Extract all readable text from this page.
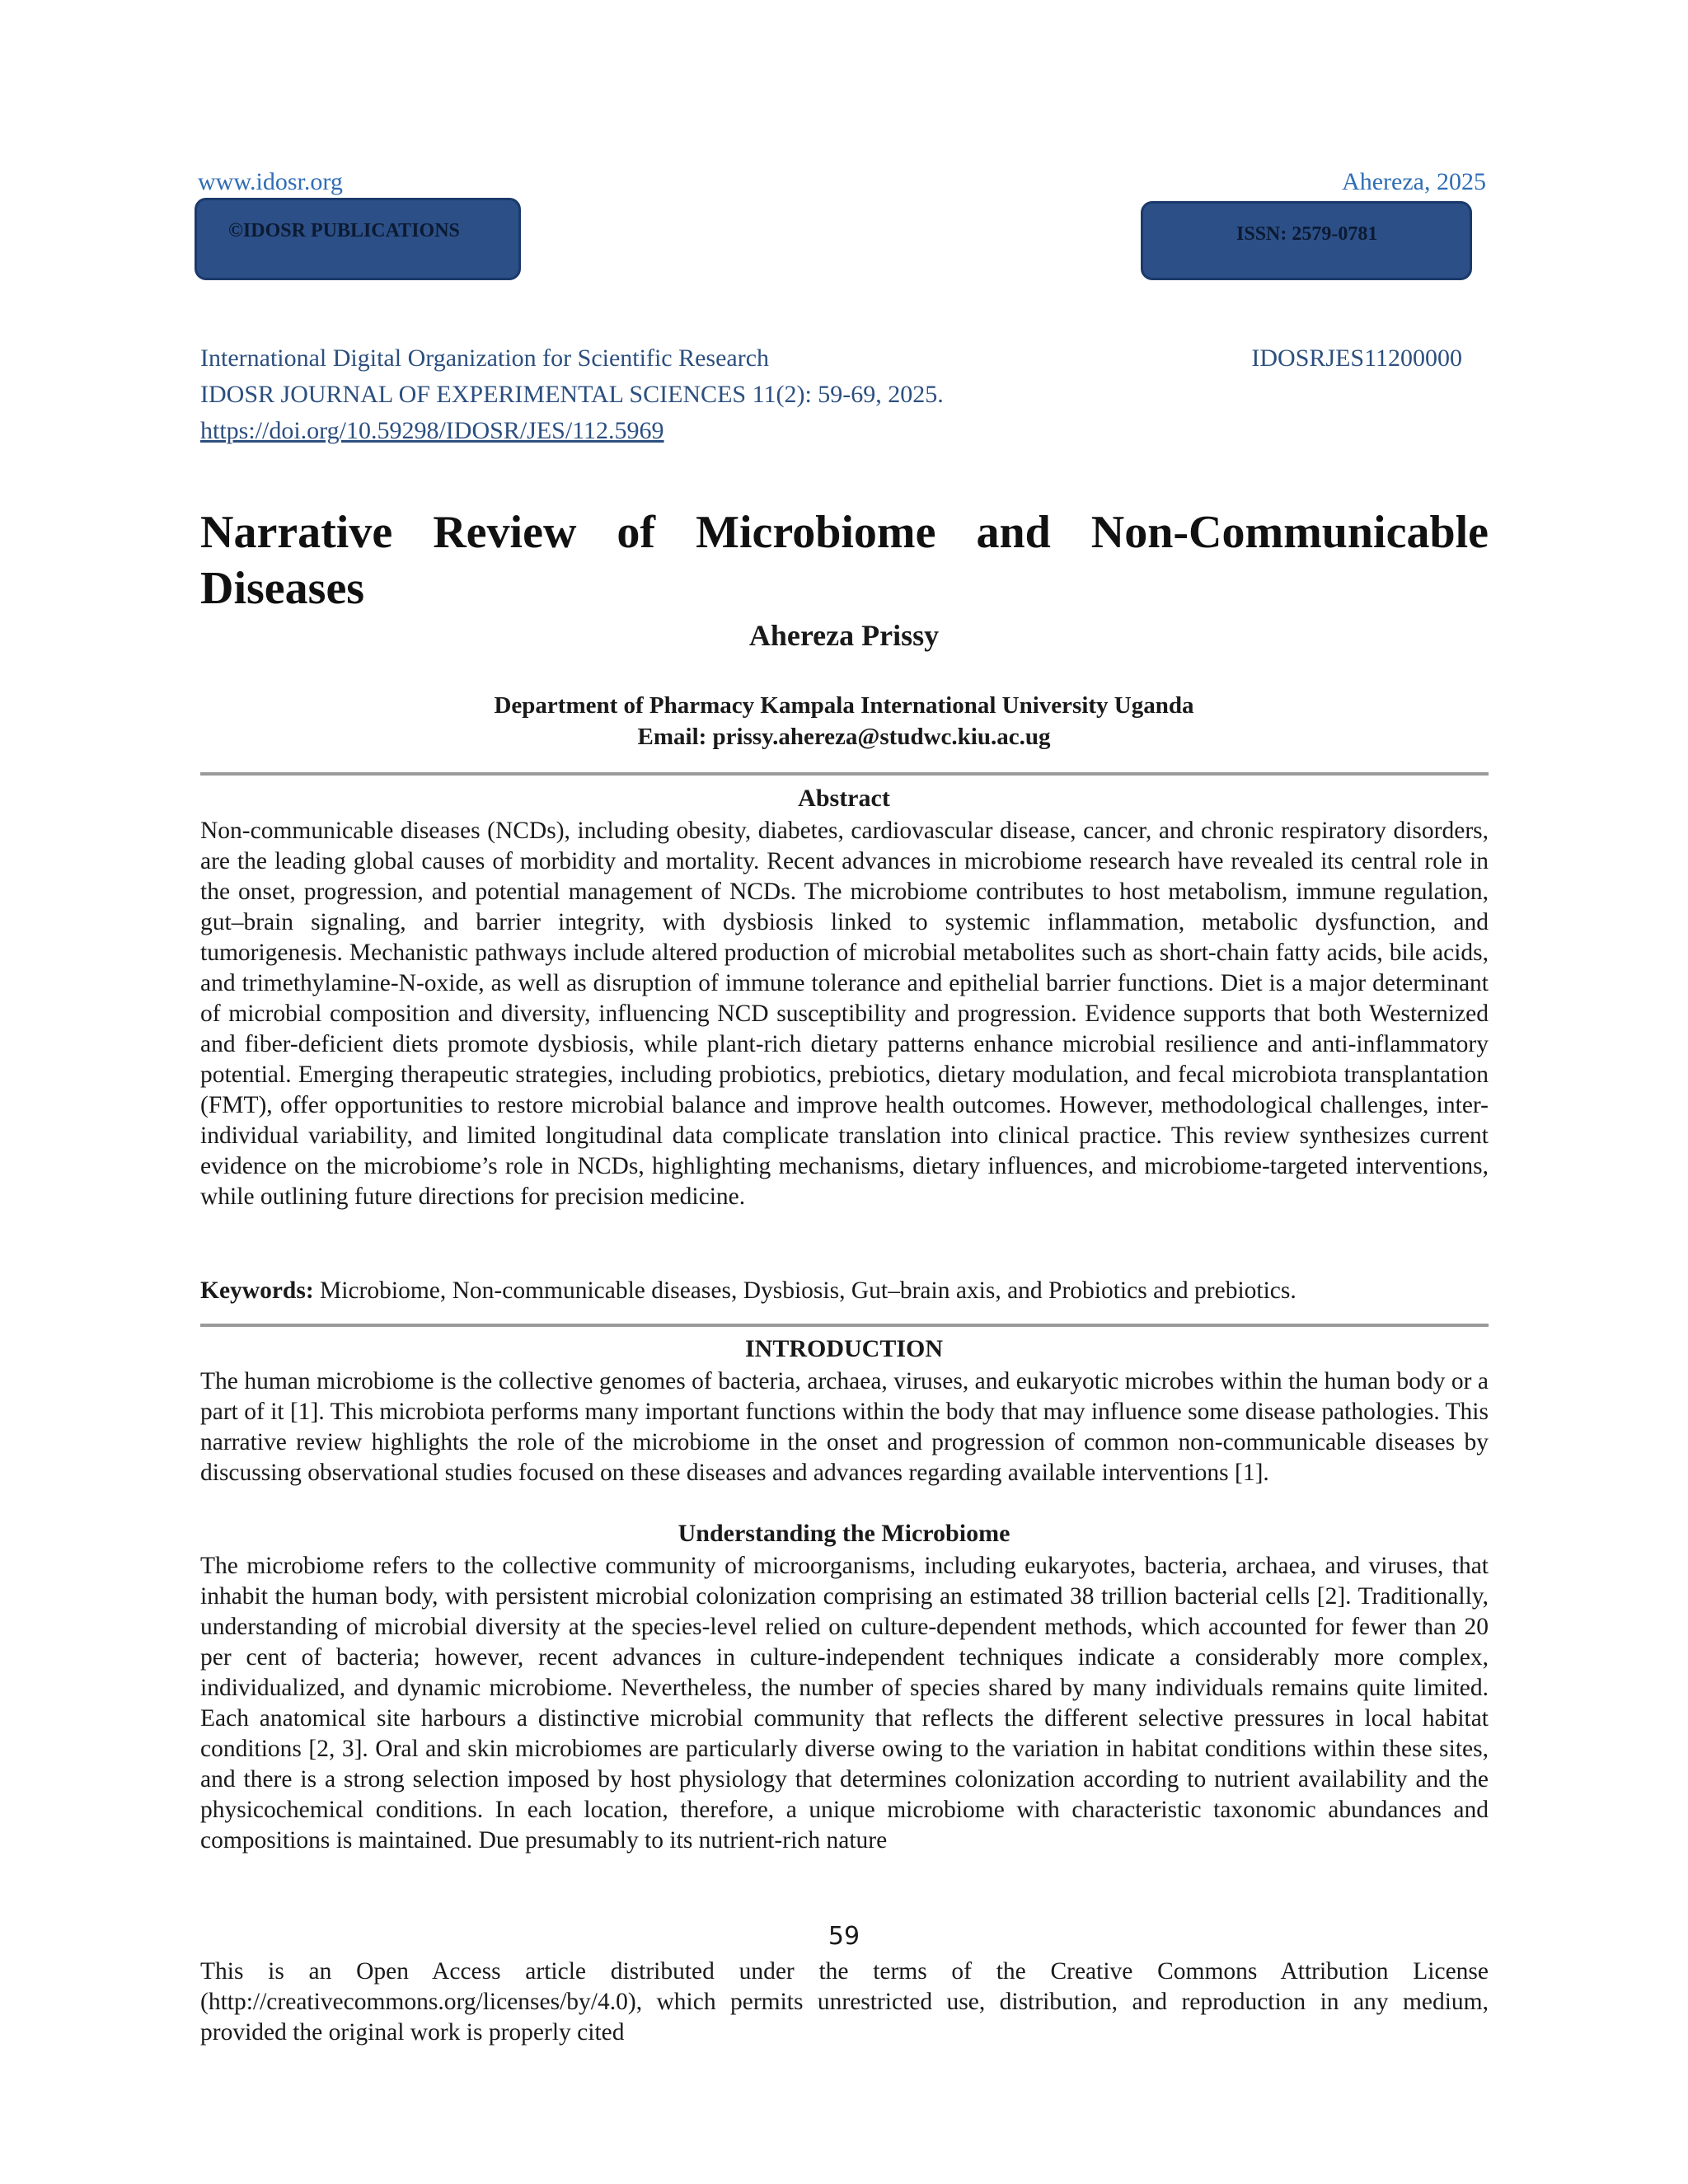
www.idosr.org	Ahereza, 2025
©IDOSR PUBLICATIONS	ISSN: 2579-0781
International Digital Organization for Scientific Research	IDOSRJES11200000
IDOSR JOURNAL OF EXPERIMENTAL SCIENCES 11(2): 59-69, 2025.
https://doi.org/10.59298/IDOSR/JES/112.5969
Narrative Review of Microbiome and Non-Communicable Diseases
Ahereza Prissy
Department of Pharmacy Kampala International University Uganda
Email: prissy.ahereza@studwc.kiu.ac.ug
Abstract

Non-communicable diseases (NCDs), including obesity, diabetes, cardiovascular disease, cancer, and chronic respiratory disorders, are the leading global causes of morbidity and mortality. Recent advances in microbiome research have revealed its central role in the onset, progression, and potential management of NCDs. The microbiome contributes to host metabolism, immune regulation, gut–brain signaling, and barrier integrity, with dysbiosis linked to systemic inflammation, metabolic dysfunction, and tumorigenesis. Mechanistic pathways include altered production of microbial metabolites such as short-chain fatty acids, bile acids, and trimethylamine-N-oxide, as well as disruption of immune tolerance and epithelial barrier functions. Diet is a major determinant of microbial composition and diversity, influencing NCD susceptibility and progression. Evidence supports that both Westernized and fiber-deficient diets promote dysbiosis, while plant-rich dietary patterns enhance microbial resilience and anti-inflammatory potential. Emerging therapeutic strategies, including probiotics, prebiotics, dietary modulation, and fecal microbiota transplantation (FMT), offer opportunities to restore microbial balance and improve health outcomes. However, methodological challenges, inter-individual variability, and limited longitudinal data complicate translation into clinical practice. This review synthesizes current evidence on the microbiome’s role in NCDs, highlighting mechanisms, dietary influences, and microbiome-targeted interventions, while outlining future directions for precision medicine.

Keywords: Microbiome, Non-communicable diseases, Dysbiosis, Gut–brain axis, and Probiotics and prebiotics.

INTRODUCTION

The human microbiome is the collective genomes of bacteria, archaea, viruses, and eukaryotic microbes within the human body or a part of it [1]. This microbiota performs many important functions within the body that may influence some disease pathologies. This narrative review highlights the role of the microbiome in the onset and progression of common non-communicable diseases by discussing observational studies focused on these diseases and advances regarding available interventions [1].

Understanding the Microbiome

The microbiome refers to the collective community of microorganisms, including eukaryotes, bacteria, archaea, and viruses, that inhabit the human body, with persistent microbial colonization comprising an estimated 38 trillion bacterial cells [2]. Traditionally, understanding of microbial diversity at the species-level relied on culture-dependent methods, which accounted for fewer than 20 per cent of bacteria; however, recent advances in culture-independent techniques indicate a considerably more complex, individualized, and dynamic microbiome. Nevertheless, the number of species shared by many individuals remains quite limited. Each anatomical site harbours a distinctive microbial community that reflects the different selective pressures in local habitat conditions [2, 3]. Oral and skin microbiomes are particularly diverse owing to the variation in habitat conditions within these sites, and there is a strong selection imposed by host physiology that determines colonization according to nutrient availability and the physicochemical conditions. In each location, therefore, a unique microbiome with characteristic taxonomic abundances and compositions is maintained. Due presumably to its nutrient-rich nature

59

This is an Open Access article distributed under the terms of the Creative Commons Attribution License (http://creativecommons.org/licenses/by/4.0), which permits unrestricted use, distribution, and reproduction in any medium, provided the original work is properly cited
